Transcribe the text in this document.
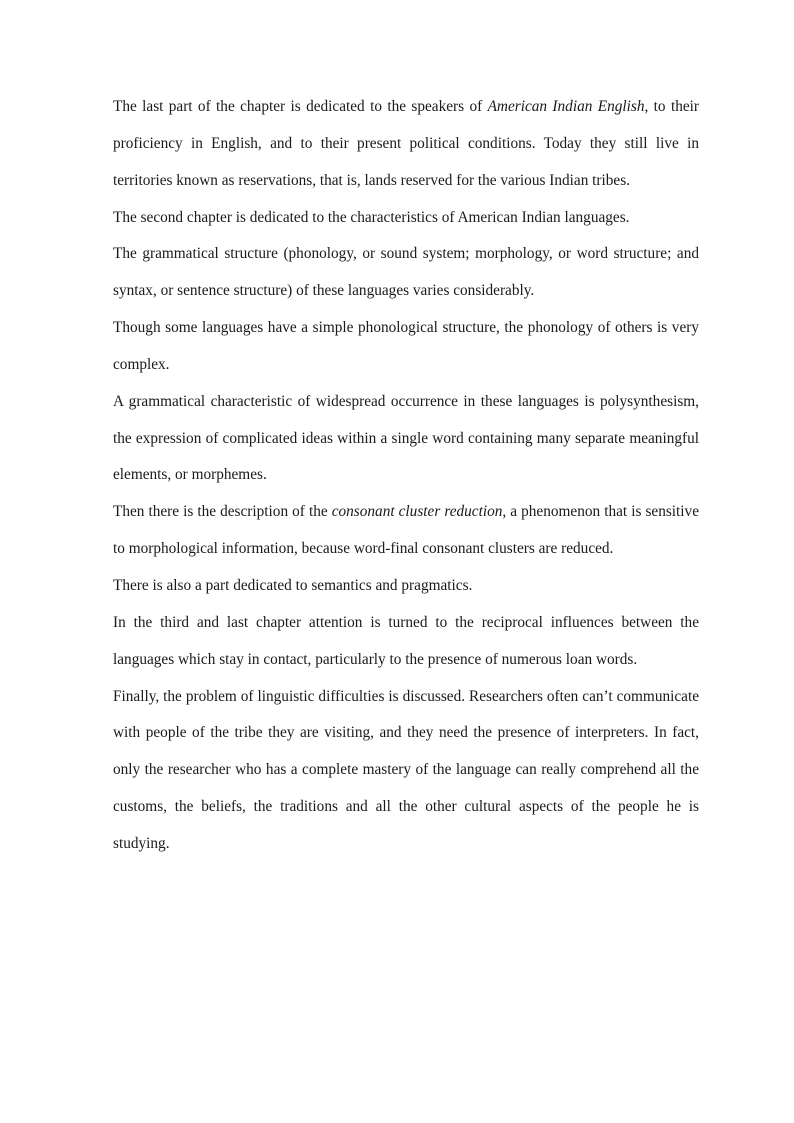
The last part of the chapter is dedicated to the speakers of American Indian English, to their proficiency in English, and to their present political conditions. Today they still live in territories known as reservations, that is, lands reserved for the various Indian tribes.

The second chapter is dedicated to the characteristics of American Indian languages.

The grammatical structure (phonology, or sound system; morphology, or word structure; and syntax, or sentence structure) of these languages varies considerably.

Though some languages have a simple phonological structure, the phonology of others is very complex.

A grammatical characteristic of widespread occurrence in these languages is polysynthesism, the expression of complicated ideas within a single word containing many separate meaningful elements, or morphemes.

Then there is the description of the consonant cluster reduction, a phenomenon that is sensitive to morphological information, because word-final consonant clusters are reduced.

There is also a part dedicated to semantics and pragmatics.

In the third and last chapter attention is turned to the reciprocal influences between the languages which stay in contact, particularly to the presence of numerous loan words.

Finally, the problem of linguistic difficulties is discussed. Researchers often can’t communicate with people of the tribe they are visiting, and they need the presence of interpreters. In fact, only the researcher who has a complete mastery of the language can really comprehend all the customs, the beliefs, the traditions and all the other cultural aspects of the people he is studying.
